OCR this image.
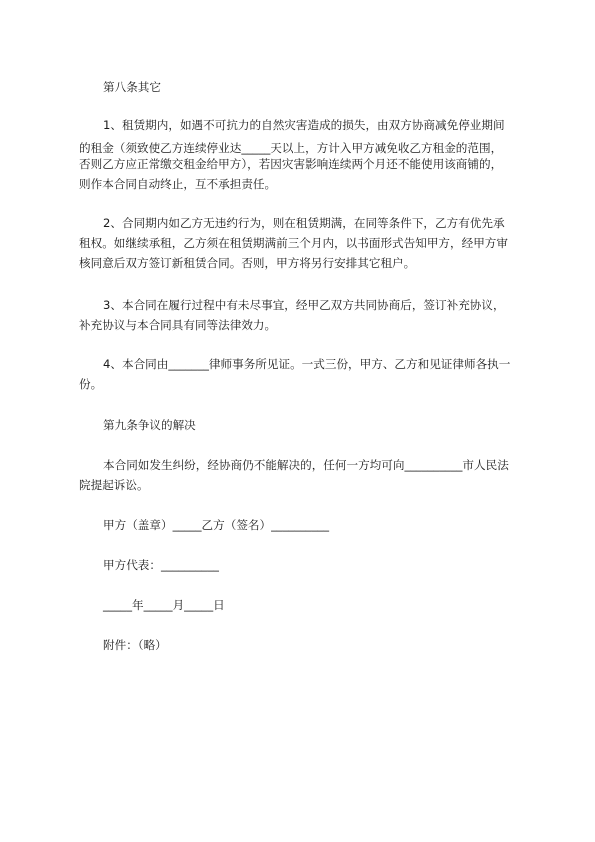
第八条其它
1、租赁期内，如遇不可抗力的自然灾害造成的损失，由双方协商减免停业期间
的租金（须致使乙方连续停业达_____天以上，方计入甲方减免收乙方租金的范围，
否则乙方应正常缴交租金给甲方），若因灾害影响连续两个月还不能使用该商铺的，
则作本合同自动终止，互不承担责任。
2、合同期内如乙方无违约行为，则在租赁期满，在同等条件下，乙方有优先承
租权。如继续承租，乙方须在租赁期满前三个月内，以书面形式告知甲方，经甲方审
核同意后双方签订新租赁合同。否则，甲方将另行安排其它租户。
3、本合同在履行过程中有未尽事宜，经甲乙双方共同协商后，签订补充协议，
补充协议与本合同具有同等法律效力。
4、本合同由_______律师事务所见证。一式三份，甲方、乙方和见证律师各执一
份。
第九条争议的解决
本合同如发生纠纷，经协商仍不能解决的，任何一方均可向__________市人民法
院提起诉讼。
甲方（盖章）_____乙方（签名）__________
甲方代表：__________
_____年_____月_____日
附件：（略）
